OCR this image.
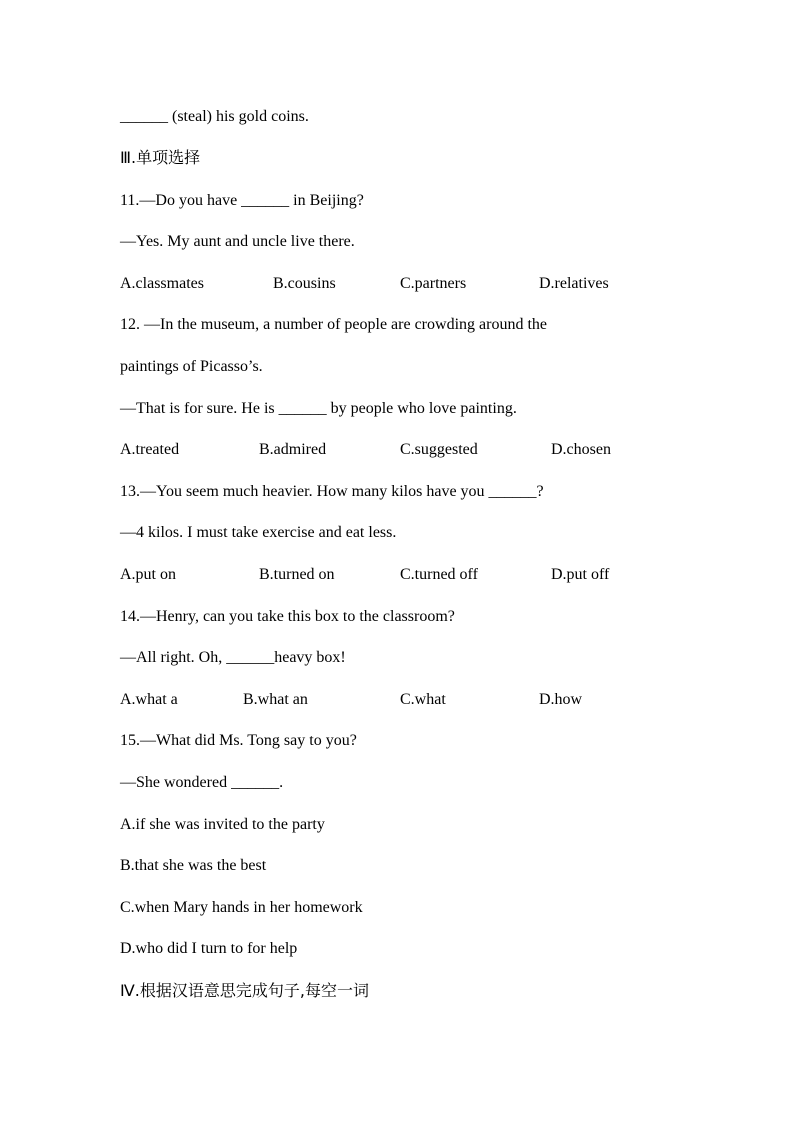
______ (steal) his gold coins.
Ⅲ.单项选择
11.—Do you have ______ in Beijing?
—Yes. My aunt and uncle live there.
A.classmates	B.cousins	C.partners	D.relatives
12. —In the museum, a number of people are crowding around the
paintings of Picasso’s.
—That is for sure. He is ______ by people who love painting.
A.treated	B.admired	C.suggested	D.chosen
13.—You seem much heavier. How many kilos have you ______?
—4 kilos. I must take exercise and eat less.
A.put on	B.turned on	C.turned off	D.put off
14.—Henry, can you take this box to the classroom?
—All right. Oh, ______heavy box!
A.what a	B.what an	C.what	D.how
15.—What did Ms. Tong say to you?
—She wondered ______.
A.if she was invited to the party
B.that she was the best
C.when Mary hands in her homework
D.who did I turn to for help
Ⅳ.根据汉语意思完成句子,每空一词
